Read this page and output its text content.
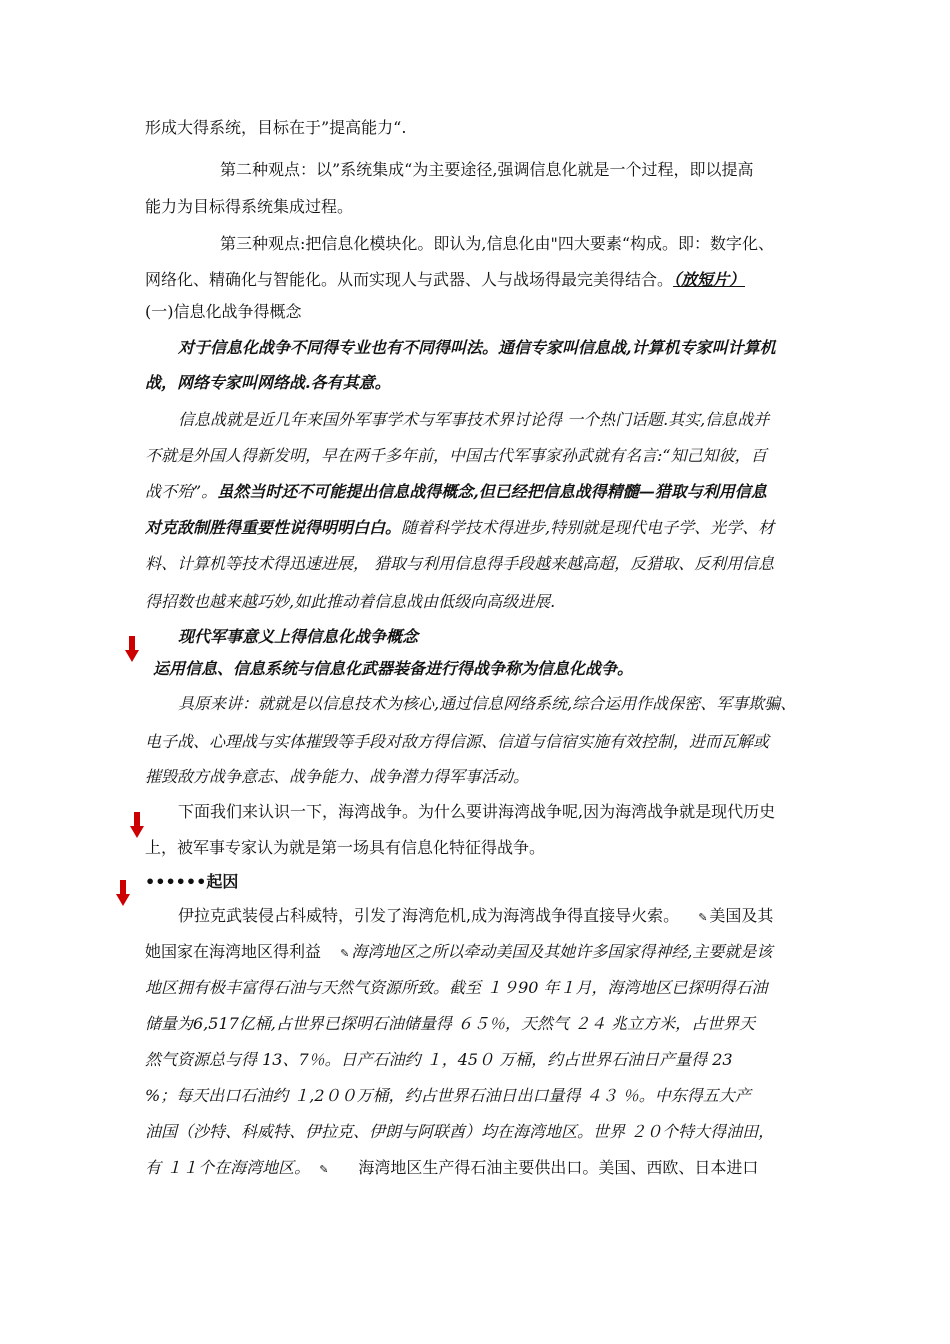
形成大得系统，目标在于”提高能力“.
第二种观点：以”系统集成“为主要途径,强调信息化就是一个过程，即以提高
能力为目标得系统集成过程。
第三种观点:把信息化模块化。即认为,信息化由"四大要素“构成。即：数字化、
网络化、精确化与智能化。从而实现人与武器、人与战场得最完美得结合。（放短片）
(一)信息化战争得概念
对于信息化战争不同得专业也有不同得叫法。通信专家叫信息战,计算机专家叫计算机
战，网络专家叫网络战.各有其意。
信息战就是近几年来国外军事学术与军事技术界讨论得 一个热门话题.其实,信息战并
不就是外国人得新发明，早在两千多年前，中国古代军事家孙武就有名言:“知己知彼，百
战不殆”。虽然当时还不可能提出信息战得概念,但已经把信息战得精髓—猎取与利用信息
对克敌制胜得重要性说得明明白白。随着科学技术得进步,特别就是现代电子学、光学、材
料、计算机等技术得迅速进展， 猎取与利用信息得手段越来越高超，反猎取、反利用信息
得招数也越来越巧妙,如此推动着信息战由低级向高级进展.
现代军事意义上得信息化战争概念
运用信息、信息系统与信息化武器装备进行得战争称为信息化战争。
具原来讲：就就是以信息技术为核心,通过信息网络系统,综合运用作战保密、军事欺骗、
电子战、心理战与实体摧毁等手段对敌方得信源、信道与信宿实施有效控制，进而瓦解或
摧毁敌方战争意志、战争能力、战争潜力得军事活动。
下面我们来认识一下，海湾战争。为什么要讲海湾战争呢,因为海湾战争就是现代历史
上，被军事专家认为就是第一场具有信息化特征得战争。
••••••起因
伊拉克武装侵占科威特，引发了海湾危机,成为海湾战争得直接导火索。 ✎ 美国及其
她国家在海湾地区得利益 ✎ 海湾地区之所以牵动美国及其她许多国家得神经,主要就是该
地区拥有极丰富得石油与天然气资源所致。截至 １９90 年１月，海湾地区已探明得石油
储量为6,517亿桶,占世界已探明石油储量得 ６５％，天然气 ２４ 兆立方米，占世界天
然气资源总与得 13、7％。日产石油约 １，45０ 万桶，约占世界石油日产量得 23
%；每天出口石油约 １,2００万桶，约占世界石油日出口量得 ４３ ％。中东得五大产
油国（沙特、科威特、伊拉克、伊朗与阿联酋）均在海湾地区。世界 ２０个特大得油田，
有 １１个在海湾地区。 ✎ 海湾地区生产得石油主要供出口。美国、西欧、日本进口
